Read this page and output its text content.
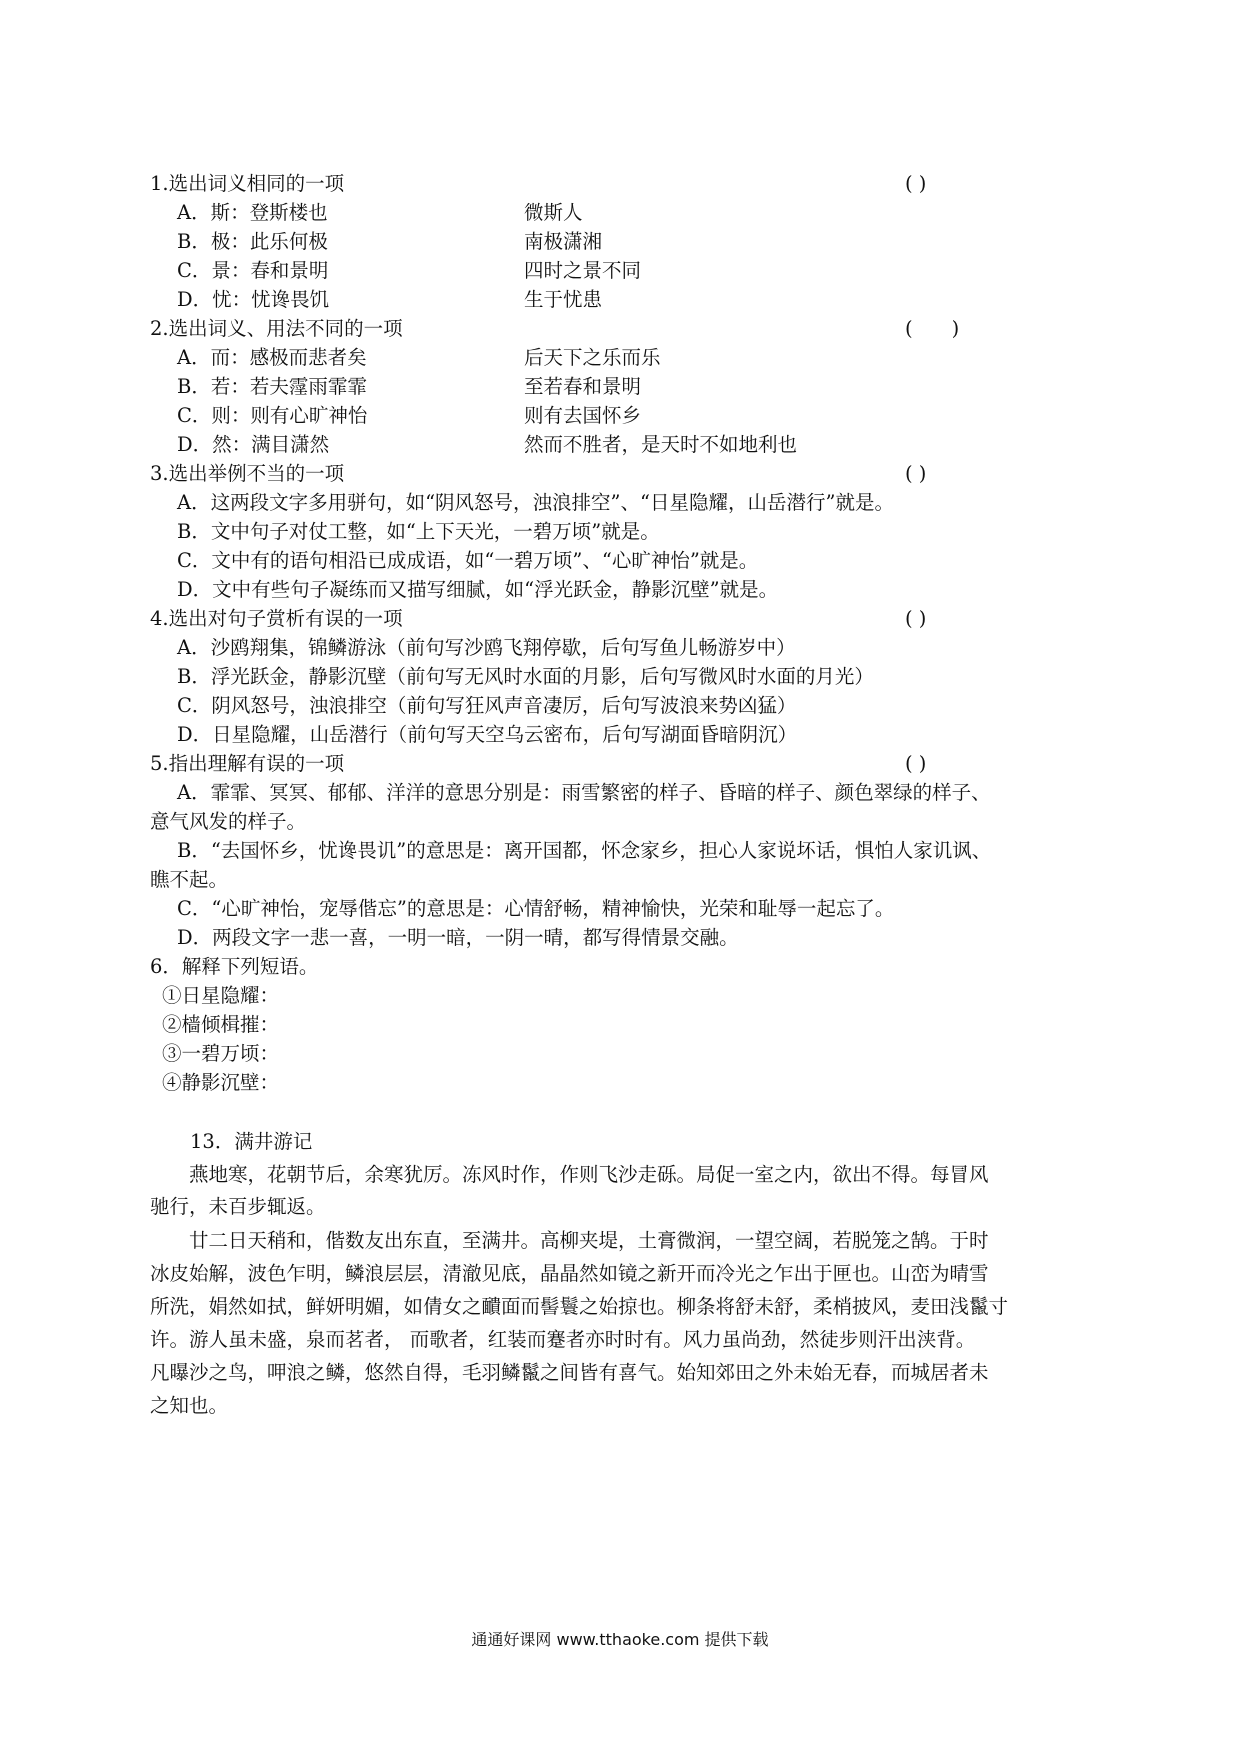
1.选出词义相同的一项	( )
A．斯：登斯楼也	微斯人
B．极：此乐何极	南极潇湘
C．景：春和景明	四时之景不同
D．忧：忧谗畏饥	生于忧患
2.选出词义、用法不同的一项	(　　)
A．而：感极而悲者矣	后天下之乐而乐
B．若：若夫霪雨霏霏	至若春和景明
C．则：则有心旷神怡	则有去国怀乡
D．然：满目潇然	然而不胜者，是天时不如地利也
3.选出举例不当的一项	( )
A．这两段文字多用骈句，如“阴风怒号，浊浪排空”、“日星隐耀，山岳潜行”就是。
B．文中句子对仗工整，如“上下天光，一碧万顷”就是。
C．文中有的语句相沿已成成语，如“一碧万顷”、“心旷神怡”就是。
D．文中有些句子凝练而又描写细腻，如“浮光跃金，静影沉壁”就是。
4.选出对句子赏析有误的一项	( )
A．沙鸥翔集，锦鳞游泳（前句写沙鸥飞翔停歇，后句写鱼儿畅游岁中）
B．浮光跃金，静影沉壁（前句写无风时水面的月影，后句写微风时水面的月光）
C．阴风怒号，浊浪排空（前句写狂风声音凄厉，后句写波浪来势凶猛）
D．日星隐耀，山岳潜行（前句写天空乌云密布，后句写湖面昏暗阴沉）
5.指出理解有误的一项	( )
A．霏霏、冥冥、郁郁、洋洋的意思分别是：雨雪繁密的样子、昏暗的样子、颜色翠绿的样子、
意气风发的样子。
B．“去国怀乡，忧谗畏讥”的意思是：离开国都，怀念家乡，担心人家说坏话，惧怕人家讥讽、
瞧不起。
C．“心旷神怡，宠辱偕忘”的意思是：心情舒畅，精神愉快，光荣和耻辱一起忘了。
D．两段文字一悲一喜，一明一暗，一阴一晴，都写得情景交融。
6．解释下列短语。
①日星隐耀：
②樯倾楫摧：
③一碧万顷：
④静影沉壁：
13．满井游记
　　燕地寒，花朝节后，余寒犹厉。冻风时作，作则飞沙走砾。局促一室之内，欲出不得。每冒风
驰行，未百步辄返。
　　廿二日天稍和，偕数友出东直，至满井。高柳夹堤，土膏微润，一望空阔，若脱笼之鹄。于时
冰皮始解，波色乍明，鳞浪层层，清澈见底，晶晶然如镜之新开而冷光之乍出于匣也。山峦为晴雪
所洗，娟然如拭，鲜妍明媚，如倩女之靧面而髻鬟之始掠也。柳条将舒未舒，柔梢披风，麦田浅鬣寸
许。游人虽未盛，泉而茗者， 而歌者，红装而蹇者亦时时有。风力虽尚劲，然徒步则汗出浃背。
凡曝沙之鸟，呷浪之鳞，悠然自得，毛羽鳞鬣之间皆有喜气。始知郊田之外未始无春，而城居者未
之知也。
通通好课网 www.tthaoke.com 提供下载
